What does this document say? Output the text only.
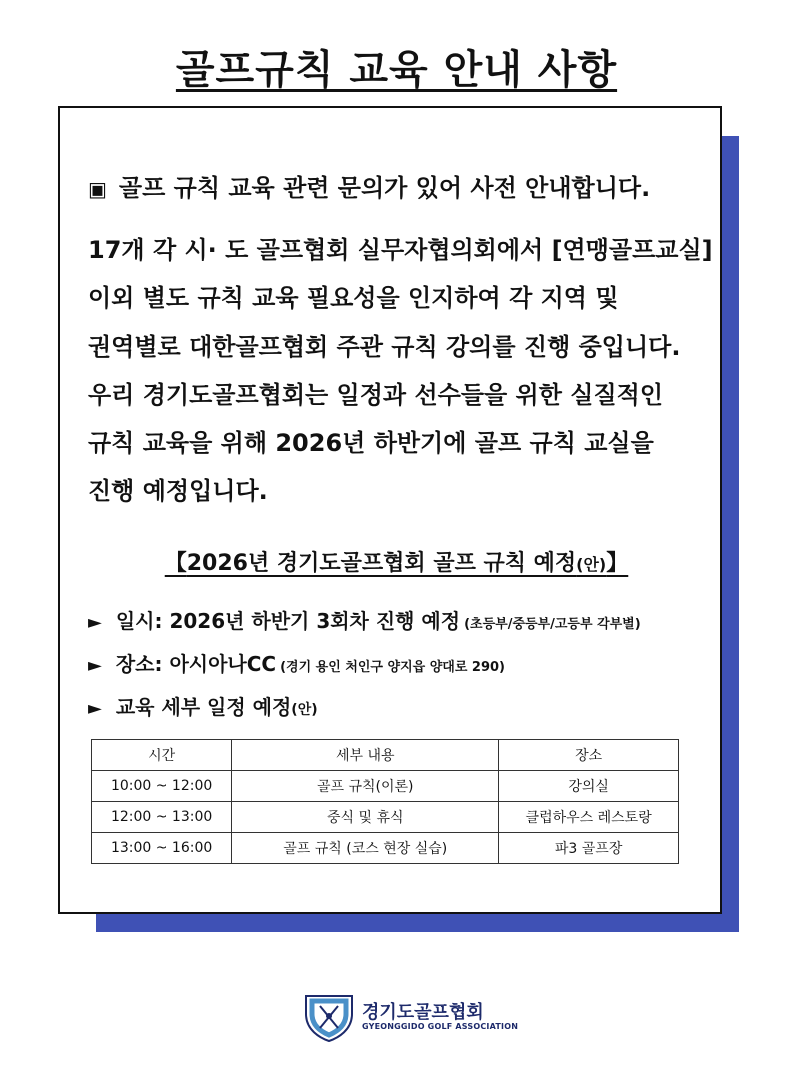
골프규칙 교육 안내 사항
▣ 골프 규칙 교육 관련 문의가 있어 사전 안내합니다.
17개 각 시· 도 골프협회 실무자협의회에서 [연맹골프교실]
이외 별도 규칙 교육 필요성을 인지하여 각 지역 및
권역별로 대한골프협회 주관 규칙 강의를 진행 중입니다.
우리 경기도골프협회는 일정과 선수들을 위한 실질적인
규칙 교육을 위해 2026년 하반기에 골프 규칙 교실을
진행 예정입니다.
【2026년 경기도골프협회 골프 규칙 예정(안)】
► 일시: 2026년 하반기 3회차 진행 예정 (초등부/중등부/고등부 각부별)
► 장소: 아시아나CC (경기 용인 처인구 양지읍 양대로 290)
► 교육 세부 일정 예정(안)
시간	세부 내용	장소
10:00 ~ 12:00	골프 규칙(이론)	강의실
12:00 ~ 13:00	중식 및 휴식	클럽하우스 레스토랑
13:00 ~ 16:00	골프 규칙 (코스 현장 실습)	파3 골프장
경기도골프협회
GYEONGGIDO GOLF ASSOCIATION
